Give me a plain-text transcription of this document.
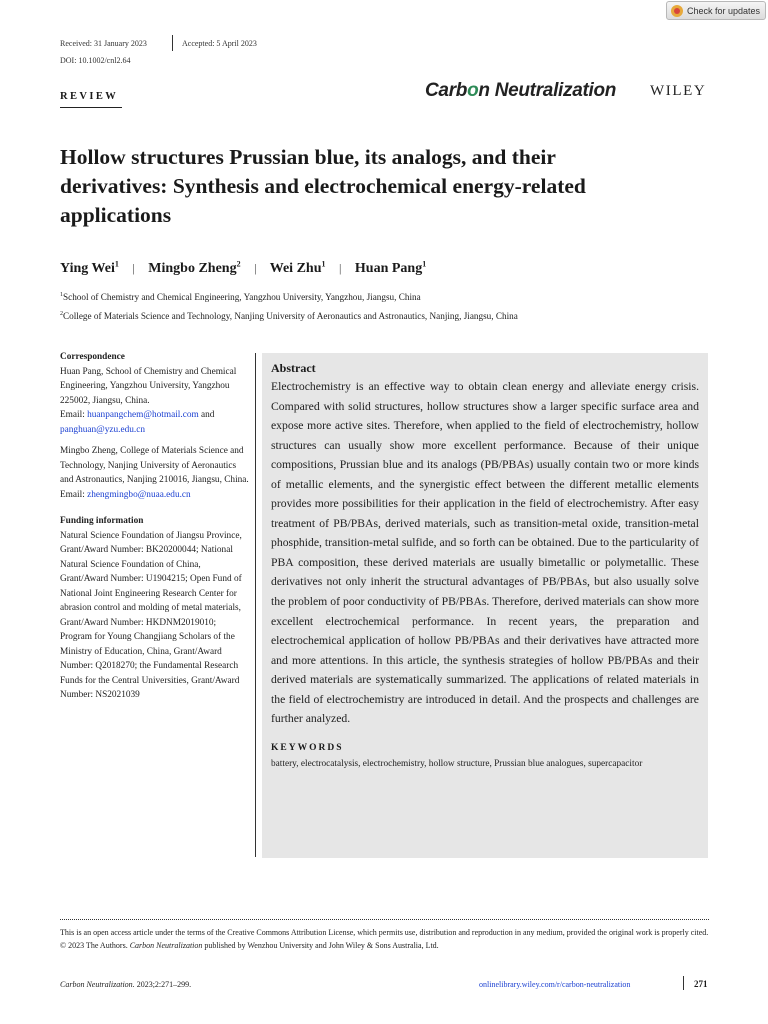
Check for updates
Received: 31 January 2023	Accepted: 5 April 2023
DOI: 10.1002/cnl2.64
REVIEW	Carbon Neutralization WILEY
Hollow structures Prussian blue, its analogs, and their derivatives: Synthesis and electrochemical energy-related applications
Ying Wei$^1$ | Mingbo Zheng$^2$ | Wei Zhu$^1$ | Huan Pang$^1$
$^1$School of Chemistry and Chemical Engineering, Yangzhou University, Yangzhou, Jiangsu, China
$^2$College of Materials Science and Technology, Nanjing University of Aeronautics and Astronautics, Nanjing, Jiangsu, China
Correspondence
Huan Pang, School of Chemistry and Chemical Engineering, Yangzhou University, Yangzhou 225002, Jiangsu, China.
Email: huanpangchem@hotmail.com and
panghuan@yzu.edu.cn
Mingbo Zheng, College of Materials Science and Technology, Nanjing University of Aeronautics and Astronautics, Nanjing 210016, Jiangsu, China.
Email: zhengmingbo@nuaa.edu.cn
Funding information
Natural Science Foundation of Jiangsu Province, Grant/Award Number: BK20200044; National Natural Science Foundation of China, Grant/Award Number: U1904215; Open Fund of National Joint Engineering Research Center for abrasion control and molding of metal materials, Grant/Award Number: HKDNM2019010; Program for Young Changjiang Scholars of the Ministry of Education, China, Grant/Award Number: Q2018270; the Fundamental Research Funds for the Central Universities, Grant/Award Number: NS2021039
Abstract

Electrochemistry is an effective way to obtain clean energy and alleviate energy crisis. Compared with solid structures, hollow structures show a larger specific surface area and expose more active sites. Therefore, when applied to the field of electrochemistry, hollow structures can usually show more excellent performance. Because of their unique compositions, Prussian blue and its analogs (PB/PBAs) usually contain two or more kinds of metallic elements, and the synergistic effect between the different metallic elements provides more possibilities for their application in the field of electrochemistry. After easy treatment of PB/PBAs, derived materials, such as transition-metal oxide, transition-metal phosphide, transition-metal sulfide, and so forth can be obtained. Due to the particularity of PBA composition, these derived materials are usually bimetallic or polymetallic. These derivatives not only inherit the structural advantages of PB/PBAs, but also usually solve the problem of poor conductivity of PB/PBAs. Therefore, derived materials can show more excellent electrochemical performance. In recent years, the preparation and electrochemical application of hollow PB/PBAs and their derivatives have attracted more and more attentions. In this article, the synthesis strategies of hollow PB/PBAs and their derived materials are systematically summarized. The applications of related materials in the field of electrochemistry are introduced in detail. And the prospects and challenges are further analyzed.

KEYWORDS
battery, electrocatalysis, electrochemistry, hollow structure, Prussian blue analogues, supercapacitor
This is an open access article under the terms of the Creative Commons Attribution License, which permits use, distribution and reproduction in any medium, provided the original work is properly cited.
© 2023 The Authors. Carbon Neutralization published by Wenzhou University and John Wiley & Sons Australia, Ltd.
Carbon Neutralization. 2023;2:271–299.	onlinelibrary.wiley.com/r/carbon-neutralization	271
